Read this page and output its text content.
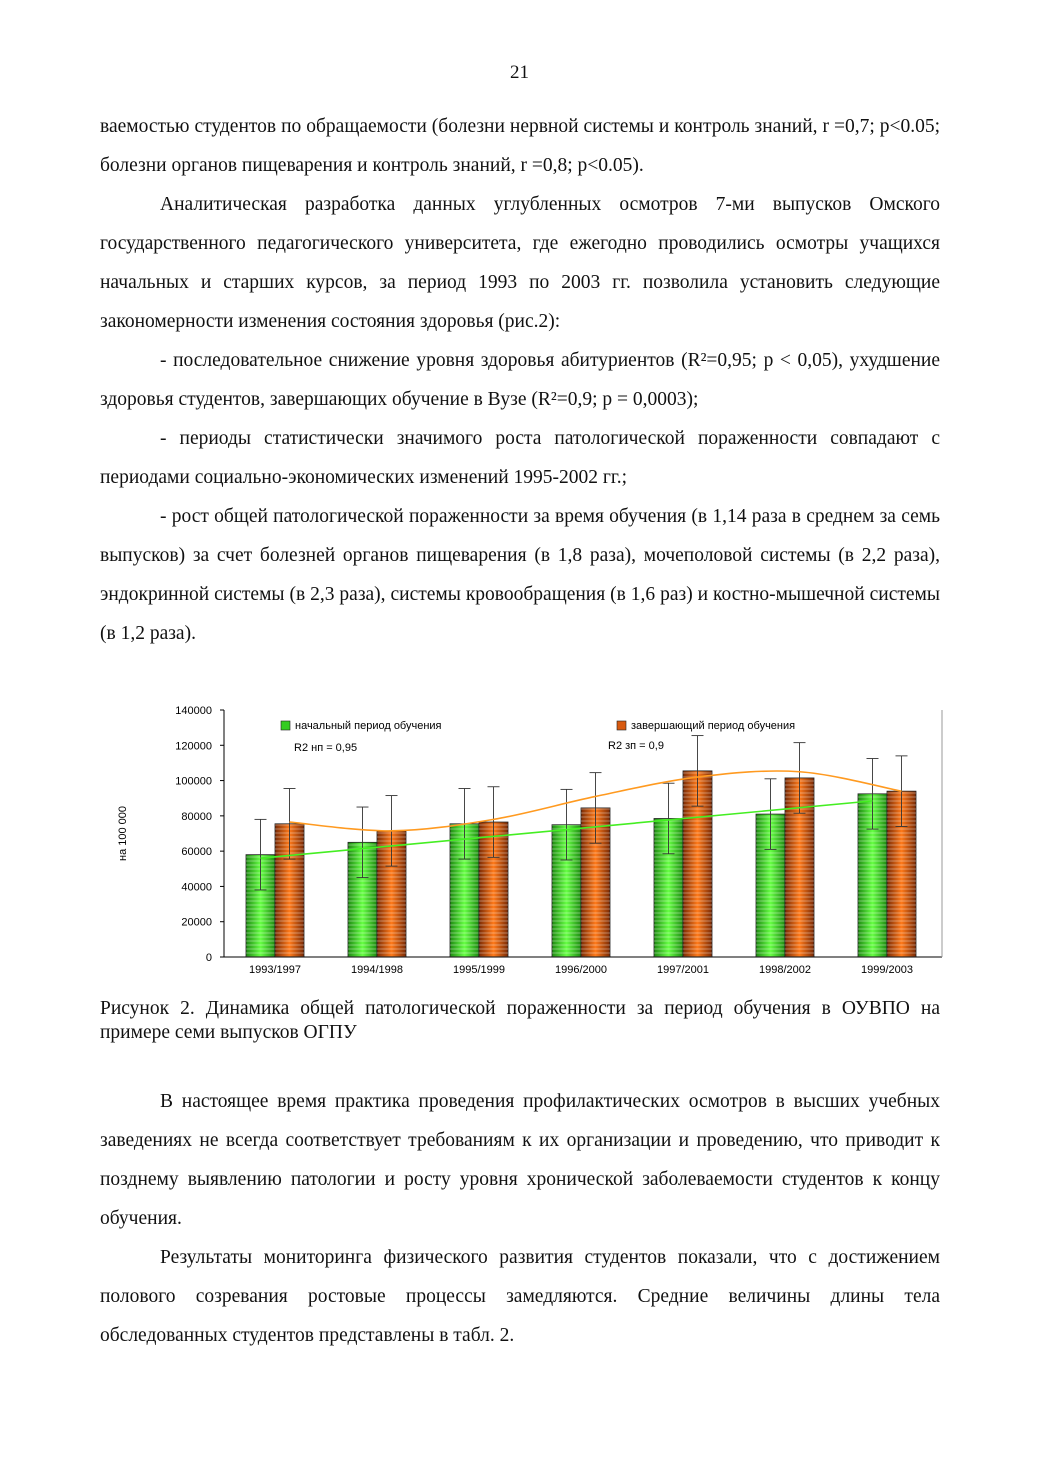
21

ваемостью студентов по обращаемости (болезни нервной системы и контроль знаний, r =0,7; p<0.05; болезни органов пищеварения и контроль знаний, r =0,8; p<0.05).

Аналитическая разработка данных углубленных осмотров 7-ми выпусков Омского государственного педагогического университета, где ежегодно проводились осмотры учащихся начальных и старших курсов, за период 1993 по 2003 гг. позволила установить следующие закономерности изменения состояния здоровья (рис.2):

- последовательное снижение уровня здоровья абитуриентов (R²=0,95; p < 0,05), ухудшение здоровья студентов, завершающих обучение в Вузе (R²=0,9; p = 0,0003);

- периоды статистически значимого роста патологической пораженности совпадают с периодами социально-экономических изменений 1995-2002 гг.;

- рост общей патологической пораженности за время обучения (в 1,14 раза в среднем за семь выпусков) за счет болезней органов пищеварения (в 1,8 раза), мочеполовой системы (в 2,2 раза), эндокринной системы (в 2,3 раза), системы кровообращения (в 1,6 раз) и костно-мышечной системы (в 1,2 раза).

0
20000
40000
60000
80000
100000
120000
140000
на 100 000
1993/1997	1994/1998	1995/1999	1996/2000	1997/2001	1998/2002	1999/2003
начальный период обучения	завершающий период обучения
R2 нп = 0,95	R2 зп = 0,9
Рисунок 2. Динамика общей патологической пораженности за период обучения в ОУВПО на примере семи выпусков ОГПУ

В настоящее время практика проведения профилактических осмотров в высших учебных заведениях не всегда соответствует требованиям к их организации и проведению, что приводит к позднему выявлению патологии и росту уровня хронической заболеваемости студентов к концу обучения.

Результаты мониторинга физического развития студентов показали, что с достижением полового созревания ростовые процессы замедляются. Средние величины длины тела обследованных студентов представлены в табл. 2.
